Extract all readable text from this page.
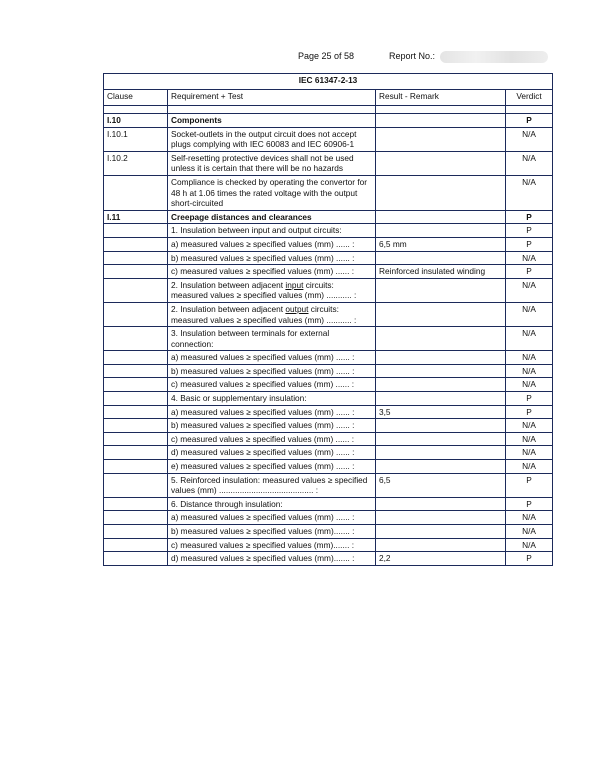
Page 25 of 58	Report No.:
IEC 61347-2-13			
Clause	Requirement + Test	Result - Remark	Verdict

I.10	Components		P
I.10.1	Socket-outlets in the output circuit does not accept plugs complying with IEC 60083 and IEC 60906-1		N/A
I.10.2	Self-resetting protective devices shall not be used unless it is certain that there will be no hazards		N/A
	Compliance is checked by operating the convertor for 48 h at 1.06 times the rated voltage with the output short-circuited		N/A
I.11	Creepage distances and clearances		P
	1. Insulation between input and output circuits:		P
	a) measured values ≥ specified values (mm) ...... :	6,5 mm	P
	b) measured values ≥ specified values (mm) ...... :		N/A
	c) measured values ≥ specified values (mm) ...... :	Reinforced insulated winding	P
	2. Insulation between adjacent input circuits: measured values ≥ specified values (mm) ........... :		N/A
	2. Insulation between adjacent output circuits: measured values ≥ specified values (mm) ........... :		N/A
	3. Insulation between terminals for external connection:		N/A
	a) measured values ≥ specified values (mm) ...... :		N/A
	b) measured values ≥ specified values (mm) ...... :		N/A
	c) measured values ≥ specified values (mm) ...... :		N/A
	4. Basic or supplementary insulation:		P
	a) measured values ≥ specified values (mm) ...... :	3,5	P
	b) measured values ≥ specified values (mm) ...... :		N/A
	c) measured values ≥ specified values (mm) ...... :		N/A
	d) measured values ≥ specified values (mm) ...... :		N/A
	e) measured values ≥ specified values (mm) ...... :		N/A
	5. Reinforced insulation: measured values ≥ specified values (mm) ......................................... :	6,5	P
	6. Distance through insulation:		P
	a) measured values ≥ specified values (mm) ...... :		N/A
	b) measured values ≥ specified values (mm)....... :		N/A
	c) measured values ≥ specified values (mm)....... :		N/A
	d) measured values ≥ specified values (mm)....... :	2,2	P
